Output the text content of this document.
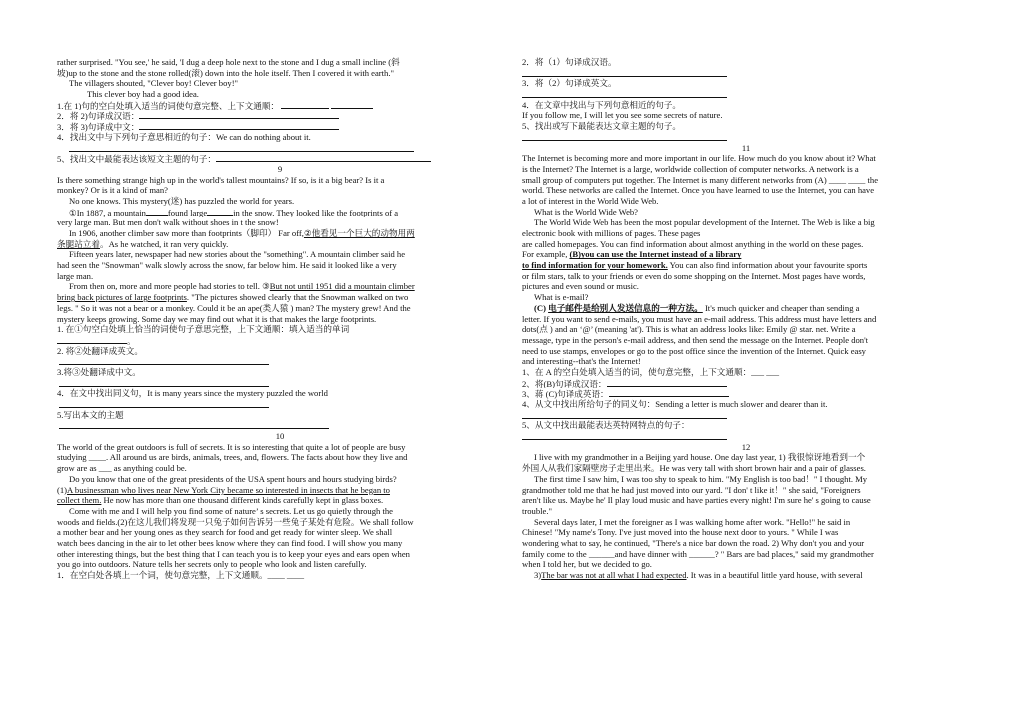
rather surprised. "You see,' he said, 'I dug a deep hole next to the stone and I dug a small incline (斜
坡)up to the stone and the stone rolled(滚) down into the hole itself. Then I covered it with earth."
The villagers shouted, "Clever boy! Clever boy!"
This clever boy had a good idea.
1.在 1)句的空白处填入适当的词使句意完整、上下文通顺：
2．将 2)句译成汉语：
3．将 3)句译成中文：
4．找出文中与下列句子意思相近的句子：We can do nothing about it.
5、找出文中最能表达该短文主题的句子：
9
Is there something strange high up in the world's tallest mountains? If so, is it a big bear? Is it a
monkey? Or is it a kind of man?
No one knows. This mystery(迷) has puzzled the world for years.
①In 1887, a mountain	found large	in the snow. They looked like the footprints of a
very large man. But men don't walk without shoes in t the snow!
In 1906, another climber saw more than footprints（脚印） Far off,②他看见一个巨大的动物用两
条腿站立着。As he watched, it ran very quickly.
Fifteen years later, newspaper had new stories about the "something". A mountain climber said he
had seen the "Snowman" walk slowly across the snow, far below him. He said it looked like a very
large man.
From then on, more and more people had stories to tell. ③But not until 1951 did a mountain climber
bring back pictures of large footprints. "The pictures showed clearly that the Snowman walked on two
legs. " So it was not a bear or a monkey. Could it be an ape(类人猿 ) man? The mystery grew! And the
mystery keeps growing. Some day we may find out what it is that makes the large footprints.
1. 在①句空白处填上恰当的词使句子意思完整，上下文通顺：填入适当的单词
。
2. 将②处翻译成英文。
3.将③处翻译成中文。
4．在文中找出同义句，It is many years since the mystery puzzled the world
5.写出本文的主题
10
The world of the great outdoors is full of secrets. It is so interesting that quite a lot of people are busy
studying ____. All around us are birds, animals, trees, and, flowers. The facts about how they live and
grow are as ___ as anything could be.
Do you know that one of the great presidents of the USA spent hours and hours studying birds?
(1)A businessman who lives near New York City became so interested in insects that he began to
collect them. He now has more than one thousand different kinds carefully kept in glass boxes.
Come with me and I will help you find some of nature’ s secrets. Let us go quietly through the
woods and fields.(2)在这儿我们将发现一只兔子如何告诉另一些兔子某处有危险。We shall follow
a mother bear and her young ones as they search for food and get ready for winter sleep. We shall
watch bees dancing in the air to let other bees know where they can find food. I will show you many
other interesting things, but the best thing that I can teach you is to keep your eyes and ears open when
you go into outdoors. Nature tells her secrets only to people who look and listen carefully.
1．在空白处各填上一个词，使句意完整，上下文通顺。____ ____
2．将（1）句译成汉语。
3．将（2）句译成英文。
4．在文章中找出与下列句意相近的句子。
If you follow me, I will let you see some secrets of nature.
5、找出或写下最能表达文章主题的句子。
11
The Internet is becoming more and more important in our life. How much do you know about it? What
is the Internet? The Internet is a large, worldwide collection of computer networks. A network is a
small group of computers put together. The Internet is many different networks from (A) ____ ____ the
world. These networks are called the Internet. Once you have learned to use the Internet, you can have
a lot of interest in the World Wide Web.
What is the World Wide Web?
The World Wide Web has been the most popular development of the Internet. The Web is like a big
electronic book with millions of pages. These pages
are called homepages. You can find information about almost anything in the world on these pages.
For example, (B)you can use the Internet instead of a library
to find information for your homework. You can also find information about your favourite sports
or film stars, talk to your friends or even do some shopping on the Internet. Most pages have words,
pictures and even sound or music.
What is e-mail?
(C) 电子邮件是给别人发送信息的一种方法。 It's much quicker and cheaper than sending a
letter. If you want to send e-mails, you must have an e-mail address. This address must have letters and
dots(点 ) and an ‘@’ (meaning 'at'). This is what an address looks like: Emily @ star. net. Write a
message, type in the person's e-mail address, and then send the message on the Internet. People don't
need to use stamps, envelopes or go to the post office since the invention of the Internet. Quick easy
and interesting--that's the Internet!
1、在 A 的空白处填入适当的词，使句意完整，上下文通顺：___ ___
2、将(B)句译成汉语：
3、蒋 (C)句译成英语：
4、从文中找出所给句子的同义句：Sending a letter is much slower and dearer than it.
5、从文中找出最能表达英特网特点的句子：
12
I live with my grandmother in a Beijing yard house. One day last year, 1) 我很惊讶地看到一个
外国人从我们家隔壁房子走里出来。He was very tall with short brown hair and a pair of glasses.
The first time I saw him, I was too shy to speak to him. "My English is too bad！" I thought. My
grandmother told me that he had just moved into our yard. "I don' t like it！" she said, "Foreigners
aren't like us. Maybe he' Il play loud music and have parties every night! I'm sure he' s going to cause
trouble."
Several days later, I met the foreigner as I was walking home after work. "Hello!" he said in
Chinese! "My name's Tony. I've just moved into the house next door to yours. " While I was
wondering what to say, he continued, "There's a nice bar down the road. 2) Why don't you and your
family come to the ______and have dinner with ______? " Bars are bad places," said my grandmother
when I told her, but we decided to go.
3)The bar was not at all what I had expected. It was in a beautiful little yard house, with several
